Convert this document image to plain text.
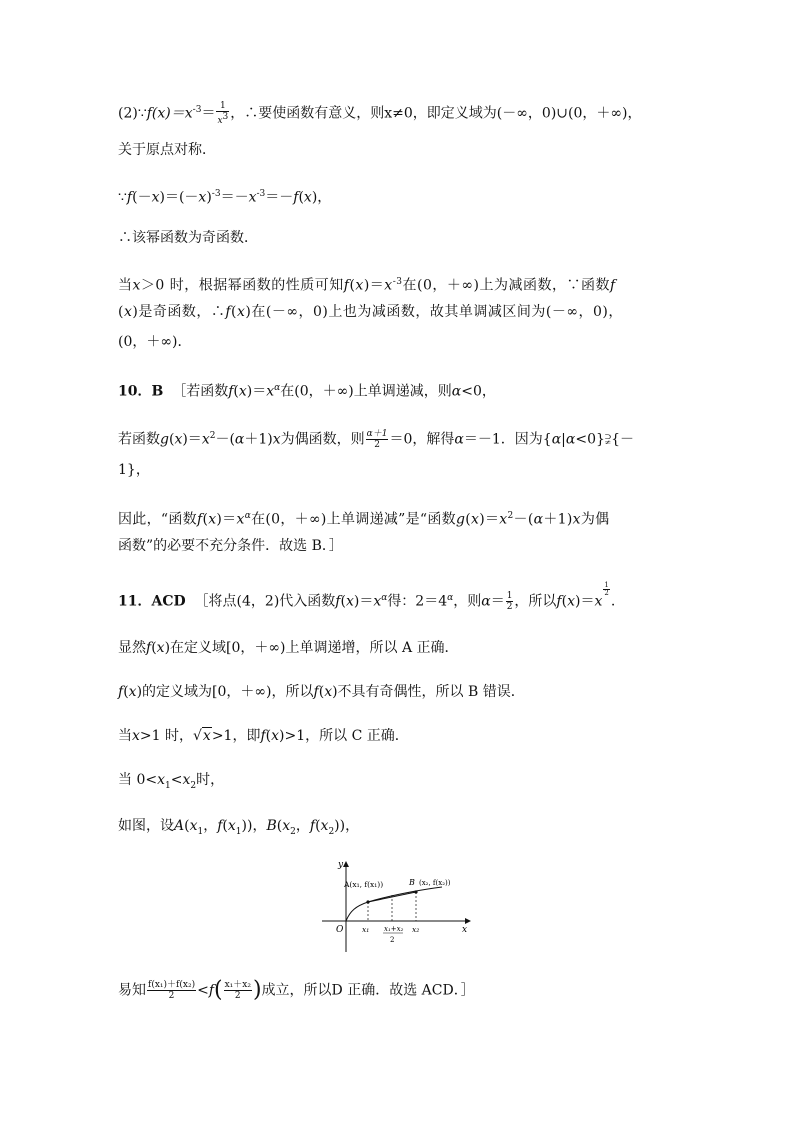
$(2)\because f(x)=x^{-3}= \frac{1}{x^3}$ ，∴要使函数有意义，则x≠0，即定义域为(－∞，0)∪(0，＋∞)，
关于原点对称．
$\because f(-x)=(-x)^{-3}=-x^{-3}=-f(x)$，
∴该幂函数为奇函数．
当x＞0 时，根据幂函数的性质可知$f(x)=x^{-3}$在(0，＋∞)上为减函数，∵函数f
(x)是奇函数，∴f(x)在(－∞，0)上也为减函数，故其单调减区间为(－∞，0)，
(0，＋∞)．
10．B ［若函数$f(x)=x^\alpha$在(0，＋∞)上单调递减，则α<0，
若函数$g(x)=x^2-(\alpha+1)x$为偶函数，则 $\frac{\alpha+1}{2} =0$，解得α＝－1．因为{α|α<0}⫌{－
1}，
因此，“函数$f(x)=x^\alpha$在(0，＋∞)上单调递减”是“函数$g(x)=x^2-(\alpha+1)x$为偶
函数”的必要不充分条件．故选 B．］
11．ACD ［将点(4，2)代入函数$f(x)=x^\alpha$得：$2=4^\alpha$，则$\alpha= \frac{1}{2}$ ，所以f(x)＝x
$\frac{1}{2}$
.
显然f(x)在定义域[0，＋∞)上单调递增，所以 A 正确．
f(x)的定义域为[0，＋∞)，所以f(x)不具有奇偶性，所以 B 错误．
当x>1 时，√x>1，即f(x)>1，所以 C 正确．
当 $0<x_1<x_2$时，
如图，设$A(x_1$，$f(x_1)$)，$B(x_2$，$f(x_2)$)，
y
x
O
A(x₁, f(x₁))	B (x₂, f(x₂))
x₁ x₁+x₂
2
x₂
易知 $\frac{\text{f(x₁)＋f(x₂)}}{2} <f( \frac{\text{x₁＋x₂}}{2}$ )成立，所以D 正确．故选 ACD．］
